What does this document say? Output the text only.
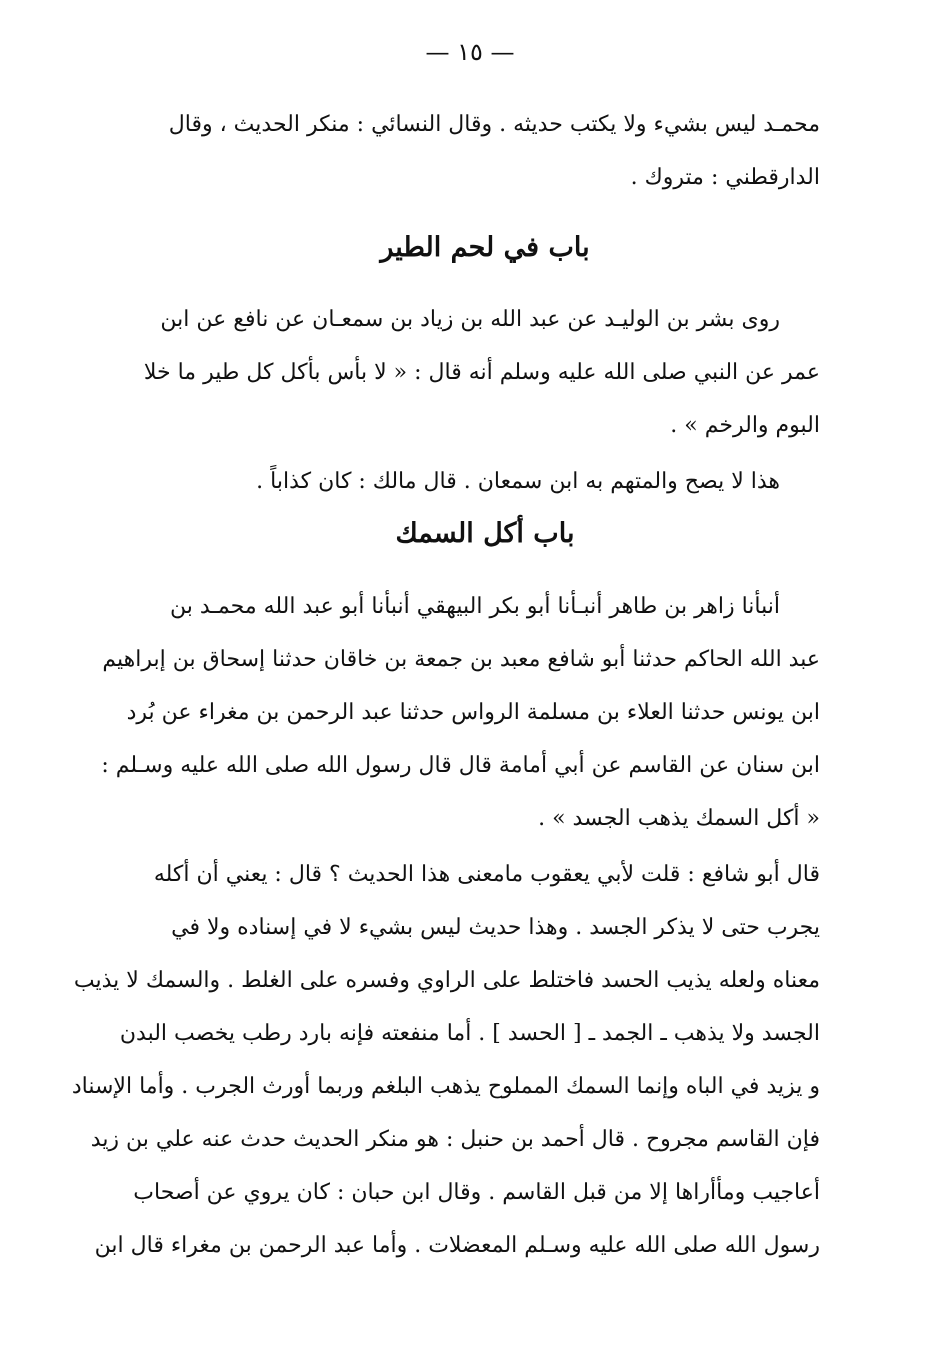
— ١٥ —
محمـد ليس بشيء ولا يكتب حديثه . وقال النسائي : منكر الحديث ، وقال
الدارقطني : متروك .
باب في لحم الطير
روى بشر بن الوليـد عن عبد الله بن زياد بن سمعـان عن نافع عن ابن
عمر عن النبي صلى الله عليه وسلم أنه قال : « لا بأس بأكل كل طير ما خلا
البوم والرخم » .
هذا لا يصح والمتهم به ابن سمعان . قال مالك : كان كذاباً .
باب أكل السمك
أنبأنا زاهر بن طاهر أنبـأنا أبو بكر البيهقي أنبأنا أبو عبد الله محمـد بن
عبد الله الحاكم حدثنا أبو شافع معبد بن جمعة بن خاقان حدثنا إسحاق بن إبراهيم
ابن يونس حدثنا العلاء بن مسلمة الرواس حدثنا عبد الرحمن بن مغراء عن بُرد
ابن سنان عن القاسم عن أبي أمامة قال قال رسول الله صلى الله عليه وسـلم :
« أكل السمك يذهب الجسد » .
قال أبو شافع : قلت لأبي يعقوب مامعنى هذا الحديث ؟ قال : يعني أن أكله
يجرب حتى لا يذكر الجسد . وهذا حديث ليس بشيء لا في إسناده ولا في
معناه ولعله يذيب الحسد فاختلط على الراوي وفسره على الغلط . والسمك لا يذيب
الجسد ولا يذهب ـ الجمد ـ [ الحسد ] . أما منفعته فإنه بارد رطب يخصب البدن
و يزيد في الباه وإنما السمك المملوح يذهب البلغم وربما أورث الجرب . وأما الإسناد
فإن القاسم مجروح . قال أحمد بن حنبل : هو منكر الحديث حدث عنه علي بن زيد
أعاجيب ومأأراها إلا من قبل القاسم . وقال ابن حبان : كان يروي عن أصحاب
رسول الله صلى الله عليه وسـلم المعضلات . وأما عبد الرحمن بن مغراء قال ابن
